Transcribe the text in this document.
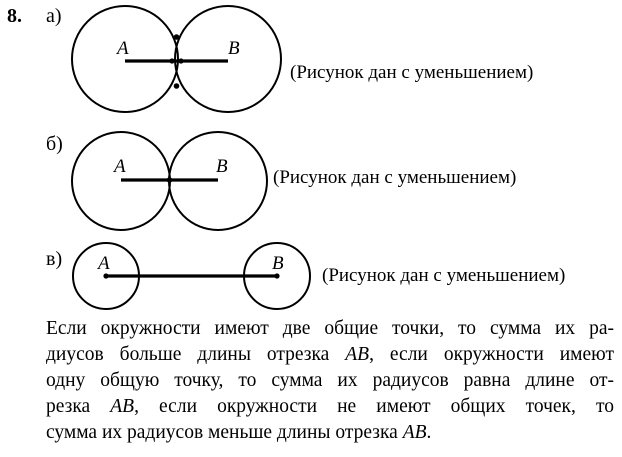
8. а)
A	B
(Рисунок дан с уменьшением)
б)
A	B
(Рисунок дан с уменьшением)
в) A	B
(Рисунок дан с уменьшением)
Если окружности имеют две общие точки, то сумма их ра-
диусов больше длины отрезка AB, если окружности имеют
одну общую точку, то сумма их радиусов равна длине от-
резка AB, если окружности не имеют общих точек, то
сумма их радиусов меньше длины отрезка AB.
